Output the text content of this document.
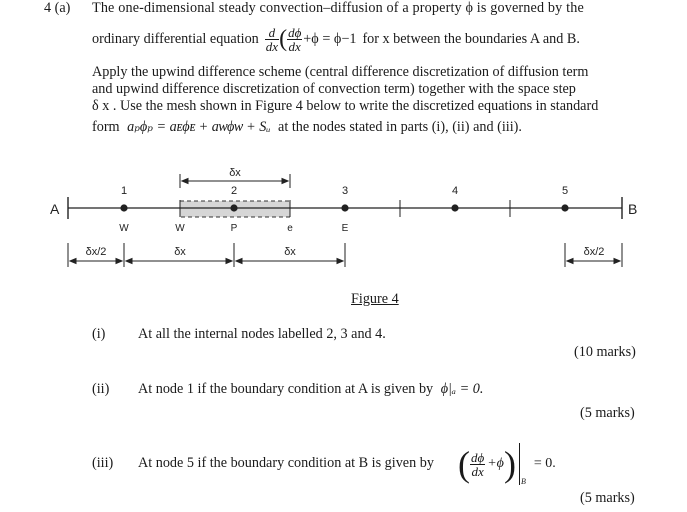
4 (a) The one-dimensional steady convection–diffusion of a property ϕ is governed by the
ordinary differential equation $\frac{d}{dx}$ ( $\frac{d\phi}{dx} +\phi = \phi-1$ for x between the boundaries A and B.
Apply the upwind difference scheme (central difference discretization of diffusion term
and upwind difference discretization of convection term) together with the space step
δ x . Use the mesh shown in Figure 4 below to write the discretized equations in standard
form aₚϕₚ = aᴇϕᴇ + aᴡϕᴡ + Sᵤ at the nodes stated in parts (i), (ii) and (iii).
A	B
1	2	3	4	5
W	W	P	e	E
δx
δx/2	δx	δx	δx/2
Figure 4
(i) At all the internal nodes labelled 2, 3 and 4.
(10 marks)
(ii) At node 1 if the boundary condition at A is given by ϕ|ₐ = 0.
(5 marks)
(iii) At node 5 if the boundary condition at B is given by ( $\frac{d\phi}{dx} +\phi$ ) B
= 0.
(5 marks)
